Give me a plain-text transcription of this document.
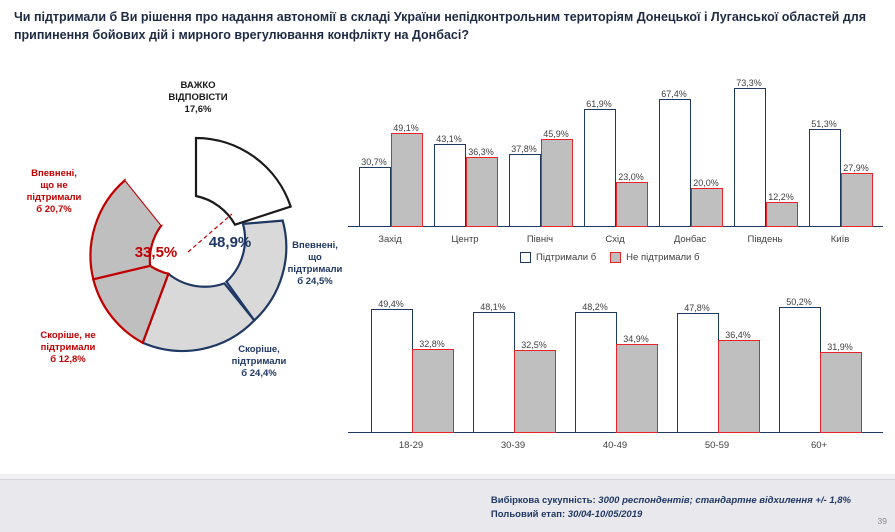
Чи підтримали б Ви рішення про надання автономії в складі України непідконтрольним територіям Донецької і Луганської областей для припинення бойових дій і мирного врегулювання конфлікту на Донбасі?
ВАЖКО
ВІДПОВІСТИ
17,6%
Впевнені,
що не
підтримали
б 20,7%
Скоріше, не
підтримали
б 12,8%
Скоріше,
підтримали
б 24,4%
Впевнені,
що
підтримали
б 24,5%
33,5%
48,9%
30,7%
49,1%
Захід
43,1%
36,3%
Центр
37,8%
45,9%
Північ
61,9%
23,0%
Схід
67,4%
20,0%
Донбас
73,3%
12,2%
Південь
51,3%
27,9%
Київ
Підтримали б	Не підтримали б
49,4%
32,8%
18-29
48,1%
32,5%
30-39
48,2%
34,9%
40-49
47,8%
36,4%
50-59
50,2%
31,9%
60+
Вибіркова сукупність: 3000 респондентів; стандартне відхилення +/- 1,8%
Польовий етап: 30/04-10/05/2019
39
